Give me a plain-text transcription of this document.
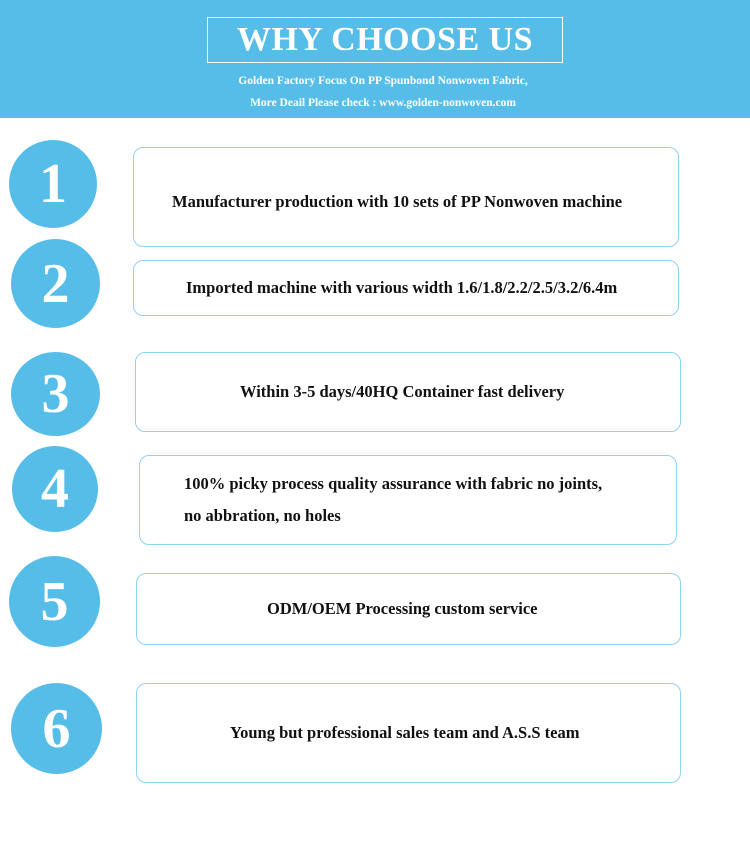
WHY CHOOSE US
Golden Factory Focus On PP Spunbond Nonwoven Fabric,
More Deail Please check : www.golden-nonwoven.com
1	Manufacturer production with 10 sets of PP Nonwoven machine
2	Imported machine with various width 1.6/1.8/2.2/2.5/3.2/6.4m
3	Within 3-5 days/40HQ Container fast delivery
4	100% picky process quality assurance with fabric no joints,
no abbration, no holes
5	ODM/OEM Processing custom service
6	Young but professional sales team and A.S.S team
